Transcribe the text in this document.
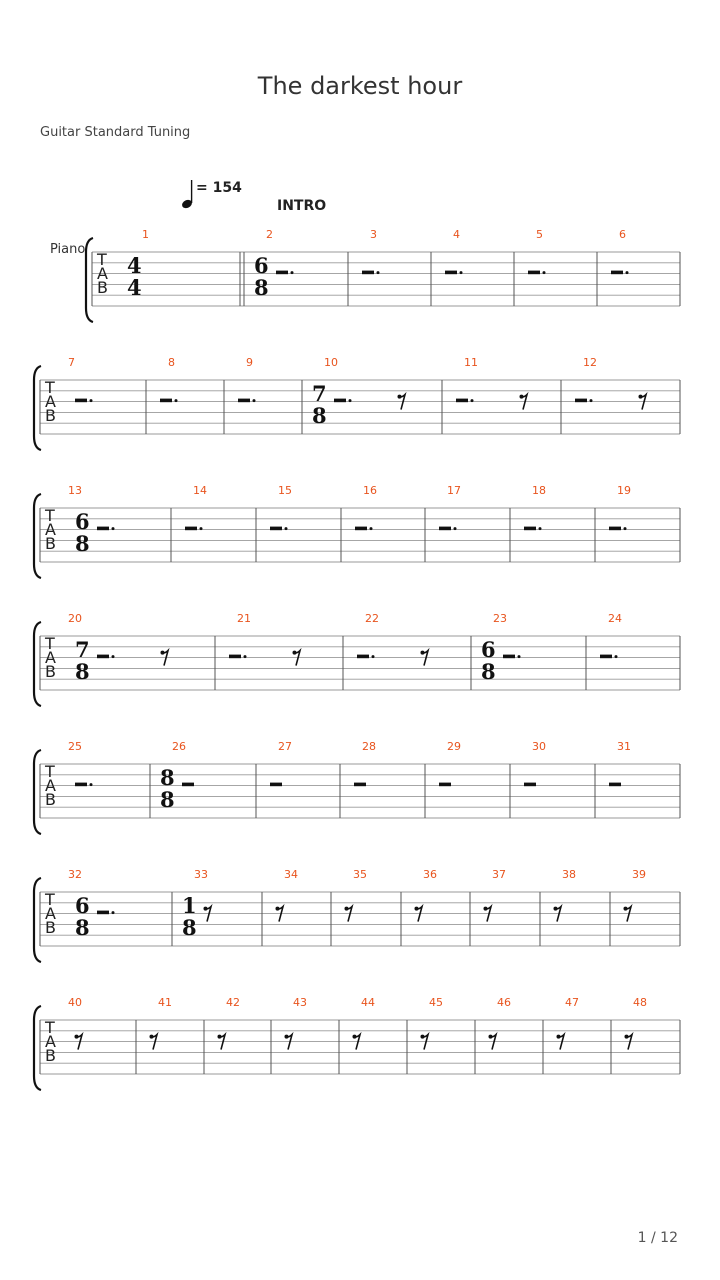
The darkest hour
Guitar Standard Tuning
= 154
INTRO
Piano
T
A
B
1
4
4
2
6
8
3	4	5	6
T
A
B
7	8	9	10
7
8
11	12
T
A
B
13
6
8
14	15	16	17	18	19
T
A
B
20
7
8
21	22	23
6
8
24
T
A
B
25	26
8
8
27	28	29	30	31
T
A
B
32
6
8
33
1
8
34	35	36	37	38	39
T
A
B
40	41	42	43	44	45	46	47	48
1 / 12
